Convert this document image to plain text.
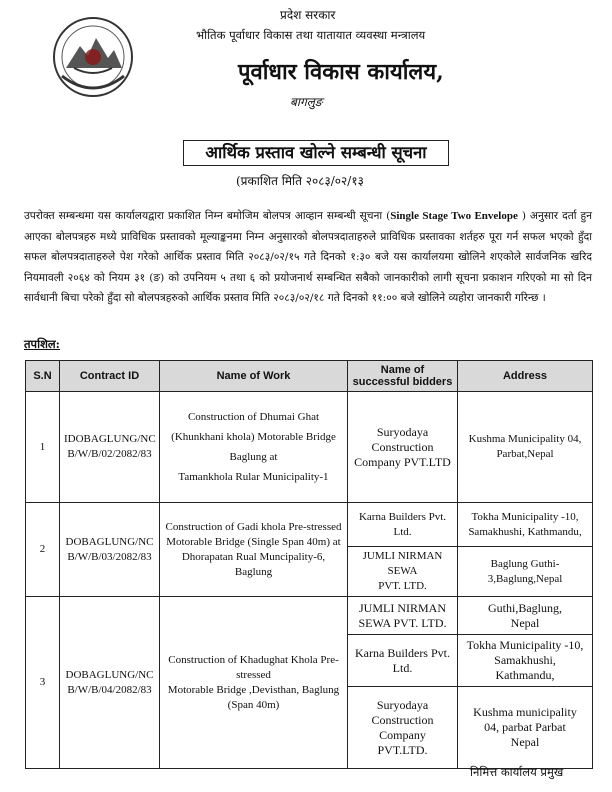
प्रदेश सरकार
भौतिक पूर्वाधार विकास तथा यातायात व्यवस्था मन्त्रालय
पूर्वाधार विकास कार्यालय,
बागलुङ
आर्थिक प्रस्ताव खोल्ने सम्बन्धी सूचना
(प्रकाशित मिति २०८३/०२/१३
उपरोक्त सम्बन्धमा यस कार्यालयद्वारा प्रकाशित निम्न बमोजिम बोलपत्र आव्हान सम्बन्धी सूचना (Single Stage Two Envelope ) अनुसार दर्ता हुन आएका बोलपत्रहरु मध्ये प्राविधिक प्रस्तावको मूल्याङ्कनमा निम्न अनुसारको बोलपत्रदाताहरुले प्राविधिक प्रस्तावका शर्तहरु पूरा गर्न सफल भएको हुँदा सफल बोलपत्रदाताहरुले पेश गरेको आर्थिक प्रस्ताव मिति २०८३/०२/१५ गते दिनको १:३० बजे यस कार्यालयमा खोलिने शएकोले सार्वजनिक खरिद नियमावली २०६४ को नियम ३१ (ङ) को उपनियम ५ तथा ६ को प्रयोजनार्थ सम्बन्धित सबैको जानकारीको लागी सूचना प्रकाशन गरिएको मा सो दिन सार्वधानी बिचा परेको हुँदा सो बोलपत्रहरुको आर्थिक प्रस्ताव मिति २०८३/०२/१८ गते दिनको ११:०० बजे खोलिने व्यहोरा जानकारी गरिन्छ ।
तपशिल:
S.N	Contract ID	Name of Work	Name of
successful bidders	Address
1	IDOBAGLUNG/NC
B/W/B/02/2082/83	Construction of Dhumai Ghat
(Khunkhani khola) Motorable Bridge
Baglung at
Tamankhola Rular Municipality-1	Suryodaya
Construction
Company PVT.LTD	Kushma Municipality 04,
Parbat,Nepal
2	DOBAGLUNG/NC
B/W/B/03/2082/83	Construction of Gadi khola Pre-stressed
Motorable Bridge (Single Span 40m) at
Dhorapatan Rual Muncipality-6,
Baglung	Karna Builders Pvt.
Ltd.	Tokha Municipality -10,
Samakhushi, Kathmandu,
			JUMLI NIRMAN SEWA
PVT. LTD.	Baglung Guthi-
3,Baglung,Nepal
3	DOBAGLUNG/NC
B/W/B/04/2082/83	Construction of Khadughat Khola Pre-
stressed
Motorable Bridge ,Devisthan, Baglung
(Span 40m)	JUMLI NIRMAN
SEWA PVT. LTD.	Guthi,Baglung,
Nepal
			Karna Builders Pvt.
Ltd.	Tokha Municipality -10,
Samakhushi,
Kathmandu,
			Suryodaya
Construction
Company
PVT.LTD.	Kushma municipality
04, parbat Parbat
Nepal
निमित्त कार्यालय प्रमुख
